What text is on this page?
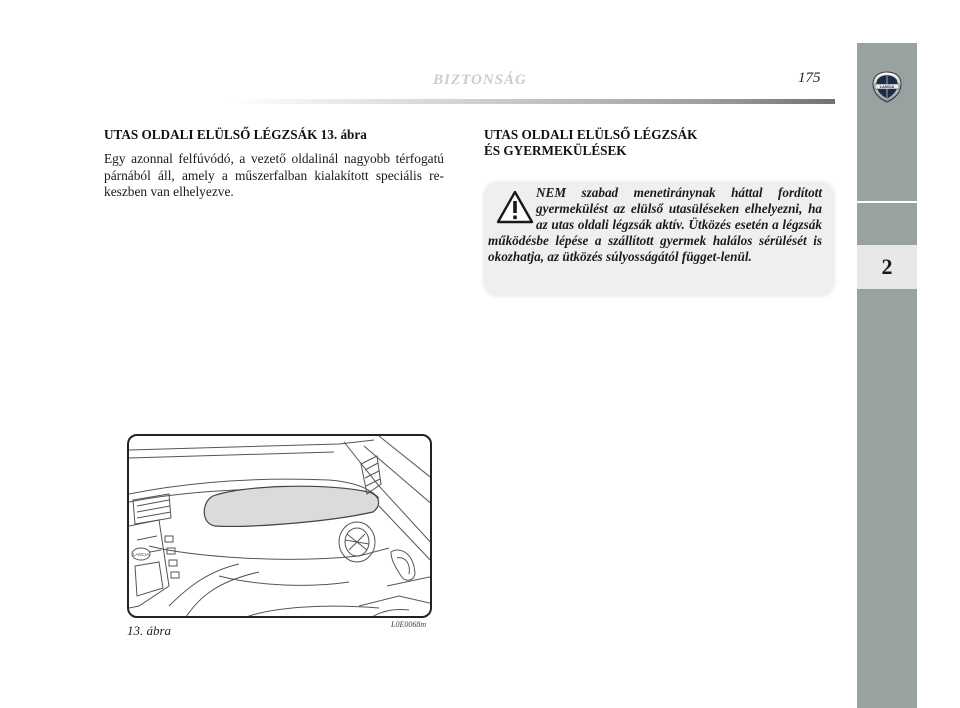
BIZTONSÁG	175
LANCIA
2
UTAS OLDALI ELÜLSŐ LÉGZSÁK 13. ábra

Egy azonnal felfúvódó, a vezető oldalinál nagyobb térfogatú párnából áll, amely a műszerfalban kialakított speciális re-keszben van elhelyezve.

UTAS OLDALI ELÜLSŐ LÉGZSÁK
ÉS GYERMEKÜLÉSEK
NEM szabad menetiránynak háttal fordított gyermekülést az elülső utasüléseken elhelyezni, ha az utas oldali légzsák aktív. Ütközés esetén a légzsák működésbe lépése a szállított gyermek halálos sérülését is okozhatja, az ütközés súlyosságától függet-lenül.
LANCIA
13. ábra	L0E0068m
